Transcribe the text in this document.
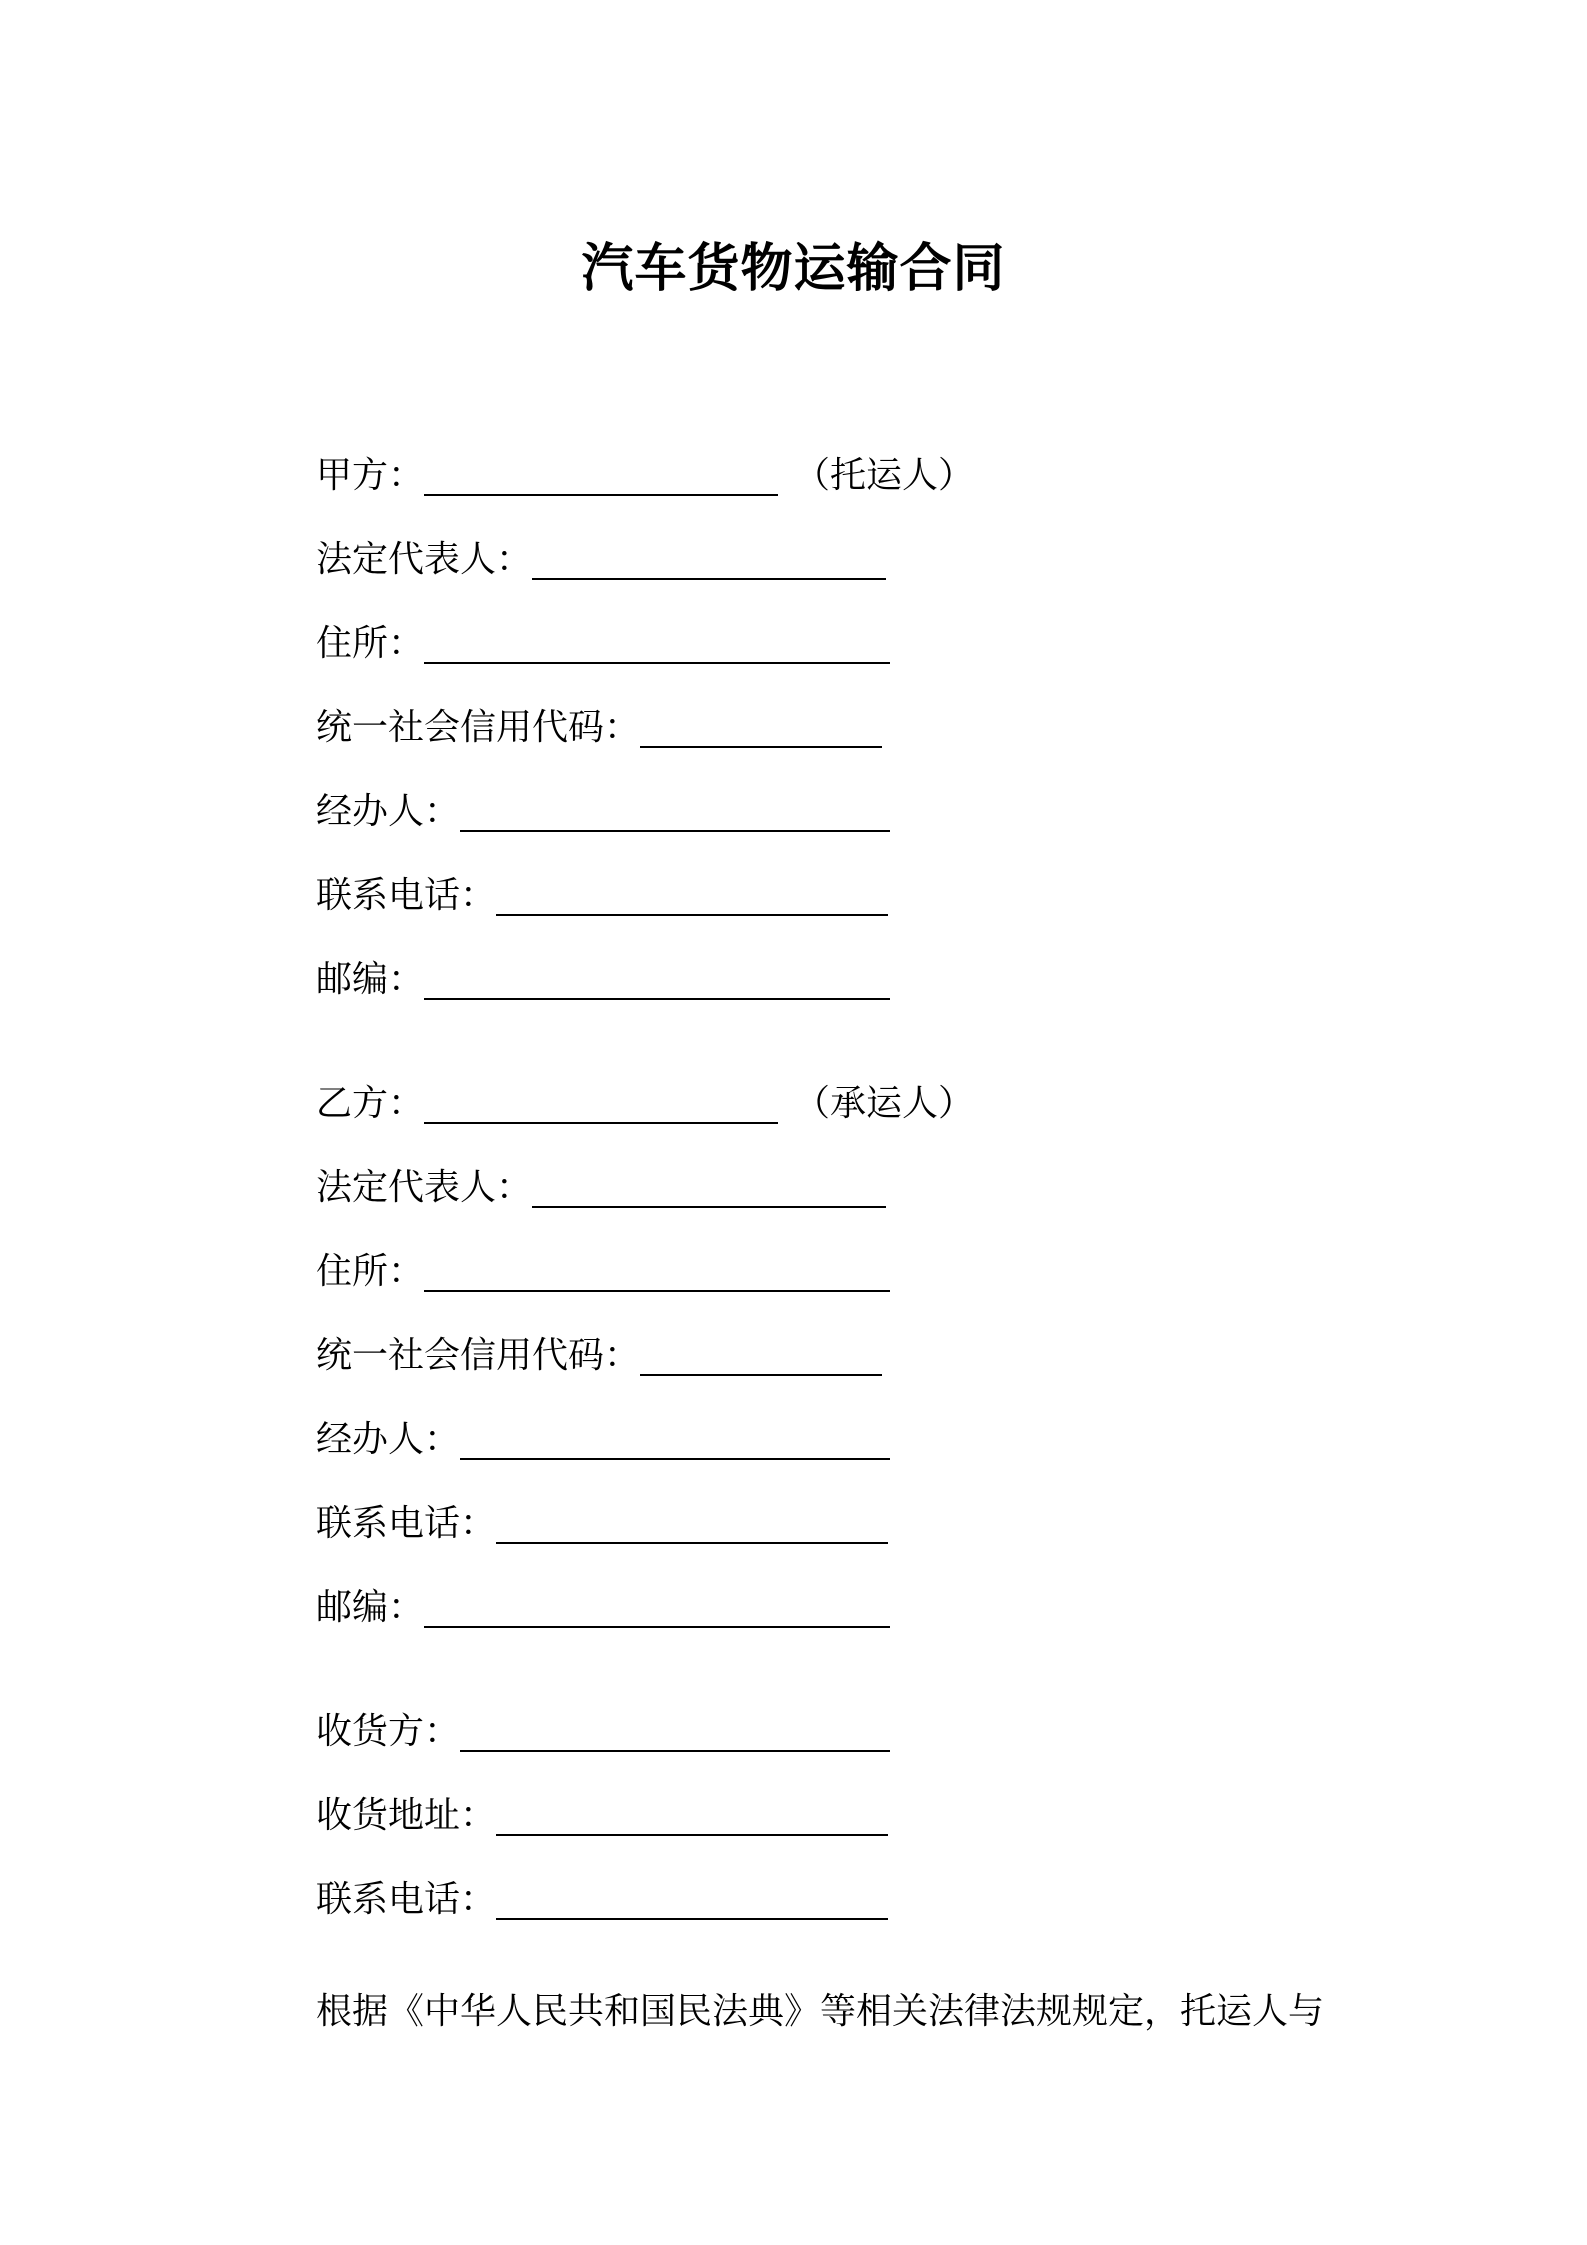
汽车货物运输合同
甲方：	（托运人）
法定代表人：
住所：
统一社会信用代码：
经办人：
联系电话：
邮编：
乙方：	（承运人）
法定代表人：
住所：
统一社会信用代码：
经办人：
联系电话：
邮编：
收货方：
收货地址：
联系电话：
根据《中华人民共和国民法典》等相关法律法规规定，托运人与
